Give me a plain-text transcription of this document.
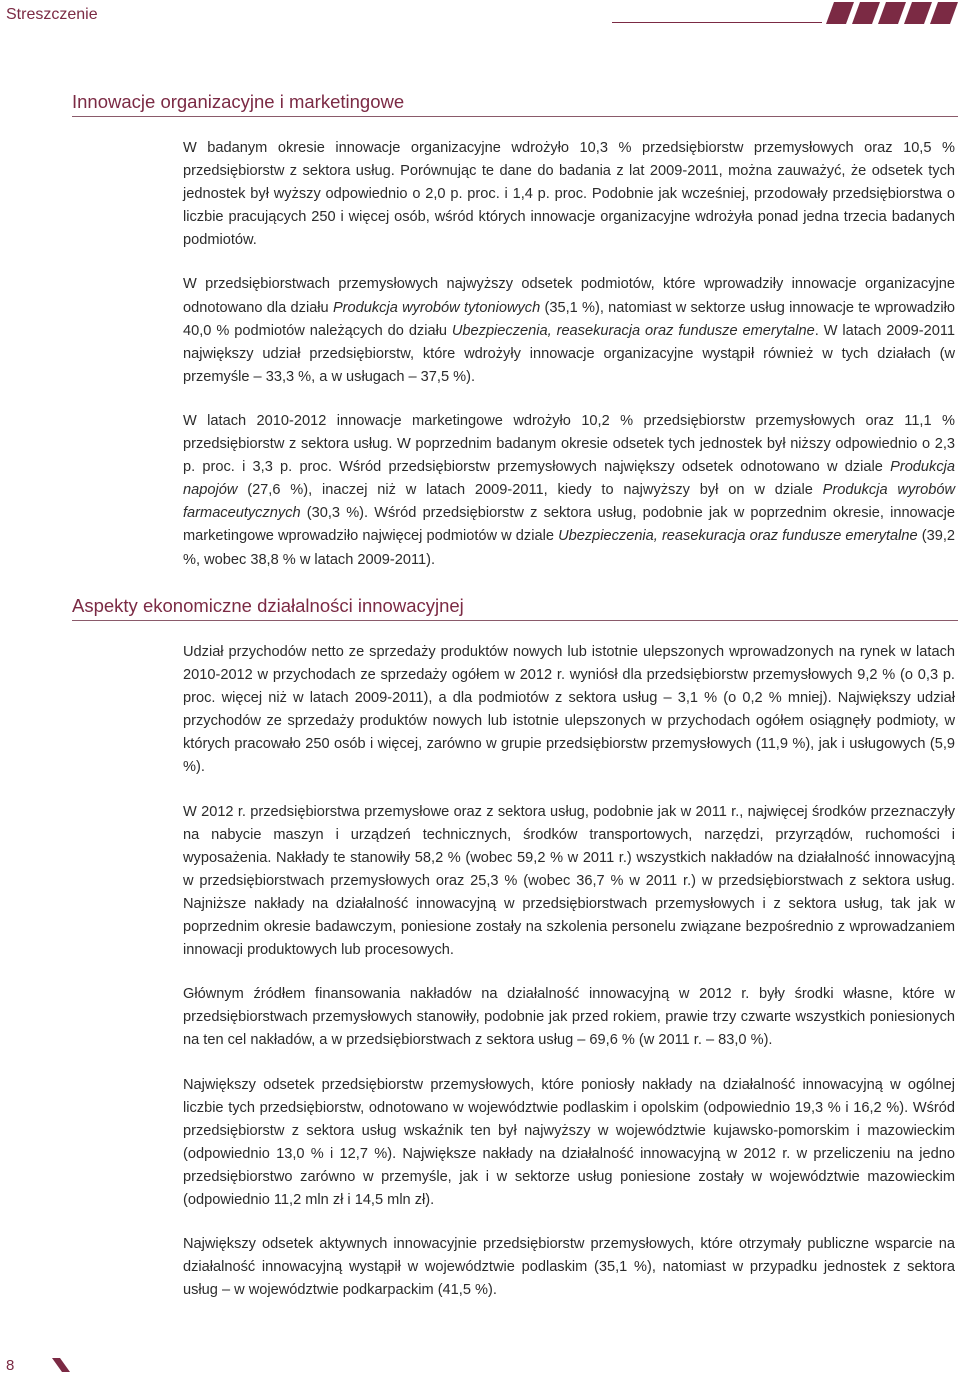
Streszczenie
Innowacje organizacyjne i marketingowe

W badanym okresie innowacje organizacyjne wdrożyło 10,3 % przedsiębiorstw przemysłowych oraz 10,5 % przedsiębiorstw z sektora usług. Porównując te dane do badania z lat 2009-2011, można zauważyć, że odsetek tych jednostek był wyższy odpowiednio o 2,0 p. proc. i 1,4 p. proc. Podobnie jak wcześniej, przodowały przedsiębiorstwa o liczbie pracujących 250 i więcej osób, wśród których innowacje organizacyjne wdrożyła ponad jedna trzecia badanych podmiotów.

W przedsiębiorstwach przemysłowych najwyższy odsetek podmiotów, które wprowadziły innowacje organizacyjne odnotowano dla działu Produkcja wyrobów tytoniowych (35,1 %), natomiast w sektorze usług innowacje te wprowadziło 40,0 % podmiotów należących do działu Ubezpieczenia, reasekuracja oraz fundusze emerytalne. W latach 2009-2011 największy udział przedsiębiorstw, które wdrożyły innowacje organizacyjne wystąpił również w tych działach (w przemyśle – 33,3 %, a w usługach – 37,5 %).

W latach 2010-2012 innowacje marketingowe wdrożyło 10,2 % przedsiębiorstw przemysłowych oraz 11,1 % przedsiębiorstw z sektora usług. W poprzednim badanym okresie odsetek tych jednostek był niższy odpowiednio o 2,3 p. proc. i 3,3 p. proc. Wśród przedsiębiorstw przemysłowych największy odsetek odnotowano w dziale Produkcja napojów (27,6 %), inaczej niż w latach 2009-2011, kiedy to najwyższy był on w dziale Produkcja wyrobów farmaceutycznych (30,3 %). Wśród przedsiębiorstw z sektora usług, podobnie jak w poprzednim okresie, innowacje marketingowe wprowadziło najwięcej podmiotów w dziale Ubezpieczenia, reasekuracja oraz fundusze emerytalne (39,2 %, wobec 38,8 % w latach 2009-2011).

Aspekty ekonomiczne działalności innowacyjnej

Udział przychodów netto ze sprzedaży produktów nowych lub istotnie ulepszonych wprowadzonych na rynek w latach 2010-2012 w przychodach ze sprzedaży ogółem w 2012 r. wyniósł dla przedsiębiorstw przemysłowych 9,2 % (o 0,3 p. proc. więcej niż w latach 2009-2011), a dla podmiotów z sektora usług – 3,1 % (o 0,2 % mniej). Największy udział przychodów ze sprzedaży produktów nowych lub istotnie ulepszonych w przychodach ogółem osiągnęły podmioty, w których pracowało 250 osób i więcej, zarówno w grupie przedsiębiorstw przemysłowych (11,9 %), jak i usługowych (5,9 %).

W 2012 r. przedsiębiorstwa przemysłowe oraz z sektora usług, podobnie jak w 2011 r., najwięcej środków przeznaczyły na nabycie maszyn i urządzeń technicznych, środków transportowych, narzędzi, przyrządów, ruchomości i wyposażenia. Nakłady te stanowiły 58,2 % (wobec 59,2 % w 2011 r.) wszystkich nakładów na działalność innowacyjną w przedsiębiorstwach przemysłowych oraz 25,3 % (wobec 36,7 % w 2011 r.) w przedsiębiorstwach z sektora usług. Najniższe nakłady na działalność innowacyjną w przedsiębiorstwach przemysłowych i z sektora usług, tak jak w poprzednim okresie badawczym, poniesione zostały na szkolenia personelu związane bezpośrednio z wprowadzaniem innowacji produktowych lub procesowych.

Głównym źródłem finansowania nakładów na działalność innowacyjną w 2012 r. były środki własne, które w przedsiębiorstwach przemysłowych stanowiły, podobnie jak przed rokiem, prawie trzy czwarte wszystkich poniesionych na ten cel nakładów, a w przedsiębiorstwach z sektora usług – 69,6 % (w 2011 r. – 83,0 %).

Największy odsetek przedsiębiorstw przemysłowych, które poniosły nakłady na działalność innowacyjną w ogólnej liczbie tych przedsiębiorstw, odnotowano w województwie podlaskim i opolskim (odpowiednio 19,3 % i 16,2 %). Wśród przedsiębiorstw z sektora usług wskaźnik ten był najwyższy w województwie kujawsko-pomorskim i mazowieckim (odpowiednio 13,0 % i 12,7 %). Największe nakłady na działalność innowacyjną w 2012 r. w przeliczeniu na jedno przedsiębiorstwo zarówno w przemyśle, jak i w sektorze usług poniesione zostały w województwie mazowieckim (odpowiednio 11,2 mln zł i 14,5 mln zł).

Największy odsetek aktywnych innowacyjnie przedsiębiorstw przemysłowych, które otrzymały publiczne wsparcie na działalność innowacyjną wystąpił w województwie podlaskim (35,1 %), natomiast w przypadku jednostek z sektora usług – w województwie podkarpackim (41,5 %).

8
